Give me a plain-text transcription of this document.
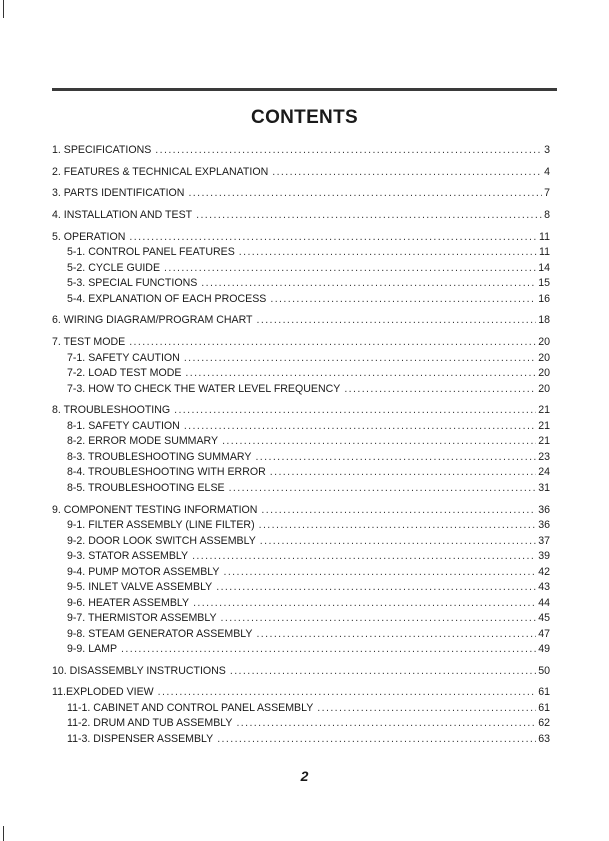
CONTENTS
1. SPECIFICATIONS .....	3
2. FEATURES & TECHNICAL EXPLANATION .....	4
3. PARTS IDENTIFICATION .....	7
4. INSTALLATION AND TEST .....	8
5. OPERATION .....	11
5-1. CONTROL PANEL FEATURES .....	11
5-2. CYCLE GUIDE .....	14
5-3. SPECIAL FUNCTIONS .....	15
5-4. EXPLANATION OF EACH PROCESS .....	16
6. WIRING DIAGRAM/PROGRAM CHART .....	18
7. TEST MODE .....	20
7-1. SAFETY CAUTION .....	20
7-2. LOAD TEST MODE .....	20
7-3. HOW TO CHECK THE WATER LEVEL FREQUENCY .....	20
8. TROUBLESHOOTING .....	21
8-1. SAFETY CAUTION .....	21
8-2. ERROR MODE SUMMARY .....	21
8-3. TROUBLESHOOTING SUMMARY .....	23
8-4. TROUBLESHOOTING WITH ERROR .....	24
8-5. TROUBLESHOOTING ELSE .....	31
9. COMPONENT TESTING INFORMATION .....	36
9-1. FILTER ASSEMBLY (LINE FILTER) .....	36
9-2. DOOR LOOK SWITCH ASSEMBLY .....	37
9-3. STATOR ASSEMBLY .....	39
9-4. PUMP MOTOR ASSEMBLY .....	42
9-5. INLET VALVE ASSEMBLY .....	43
9-6. HEATER ASSEMBLY .....	44
9-7. THERMISTOR ASSEMBLY .....	45
9-8. STEAM GENERATOR ASSEMBLY .....	47
9-9. LAMP .....	49
10. DISASSEMBLY INSTRUCTIONS .....	50
11.EXPLODED VIEW .....	61
11-1. CABINET AND CONTROL PANEL ASSEMBLY .....	61
11-2. DRUM AND TUB ASSEMBLY .....	62
11-3. DISPENSER ASSEMBLY .....	63
2
